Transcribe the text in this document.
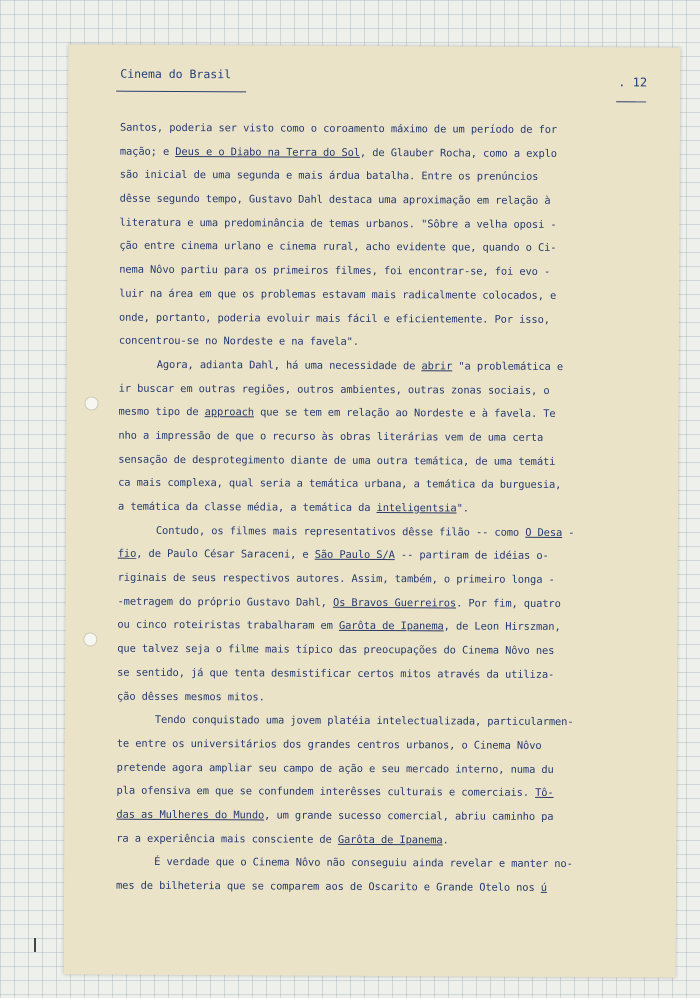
Cinema do Brasil
. 12
Santos, poderia ser visto como o coroamento máximo de um período de for
mação; e Deus e o Diabo na Terra do Sol, de Glauber Rocha, como a explo
são inicial de uma segunda e mais árdua batalha. Entre os prenúncios
dêsse segundo tempo, Gustavo Dahl destaca uma aproximação em relação à
literatura e uma predominância de temas urbanos. "Sôbre a velha oposi -
ção entre cinema urlano e cinema rural, acho evidente que, quando o Ci-
nema Nôvo partiu para os primeiros filmes, foi encontrar-se, foi evo -
luir na área em que os problemas estavam mais radicalmente colocados, e
onde, portanto, poderia evoluir mais fácil e eficientemente. Por isso,
concentrou-se no Nordeste e na favela".
Agora, adianta Dahl, há uma necessidade de abrir "a problemática e
ir buscar em outras regiões, outros ambientes, outras zonas sociais, o
mesmo tipo de approach que se tem em relação ao Nordeste e à favela. Te
nho a impressão de que o recurso às obras literárias vem de uma certa
sensação de desprotegimento diante de uma outra temática, de uma temáti
ca mais complexa, qual seria a temática urbana, a temática da burguesia,
a temática da classe média, a temática da inteligentsia".
Contudo, os filmes mais representativos dêsse filão -- como O Desa -
fio, de Paulo César Saraceni, e São Paulo S/A -- partiram de idéias o-
riginais de seus respectivos autores. Assim, também, o primeiro longa -
-metragem do próprio Gustavo Dahl, Os Bravos Guerreiros. Por fim, quatro
ou cinco roteiristas trabalharam em Garôta de Ipanema, de Leon Hirszman,
que talvez seja o filme mais típico das preocupações do Cinema Nôvo nes
se sentido, já que tenta desmistificar certos mitos através da utiliza-
ção dêsses mesmos mitos.
Tendo conquistado uma jovem platéia intelectualizada, particularmen-
te entre os universitários dos grandes centros urbanos, o Cinema Nôvo
pretende agora ampliar seu campo de ação e seu mercado interno, numa du
pla ofensiva em que se confundem interêsses culturais e comerciais. Tô-
das as Mulheres do Mundo, um grande sucesso comercial, abriu caminho pa
ra a experiência mais consciente de Garôta de Ipanema.
É verdade que o Cinema Nôvo não conseguiu ainda revelar e manter no-
mes de bilheteria que se comparem aos de Oscarito e Grande Otelo nos ú
